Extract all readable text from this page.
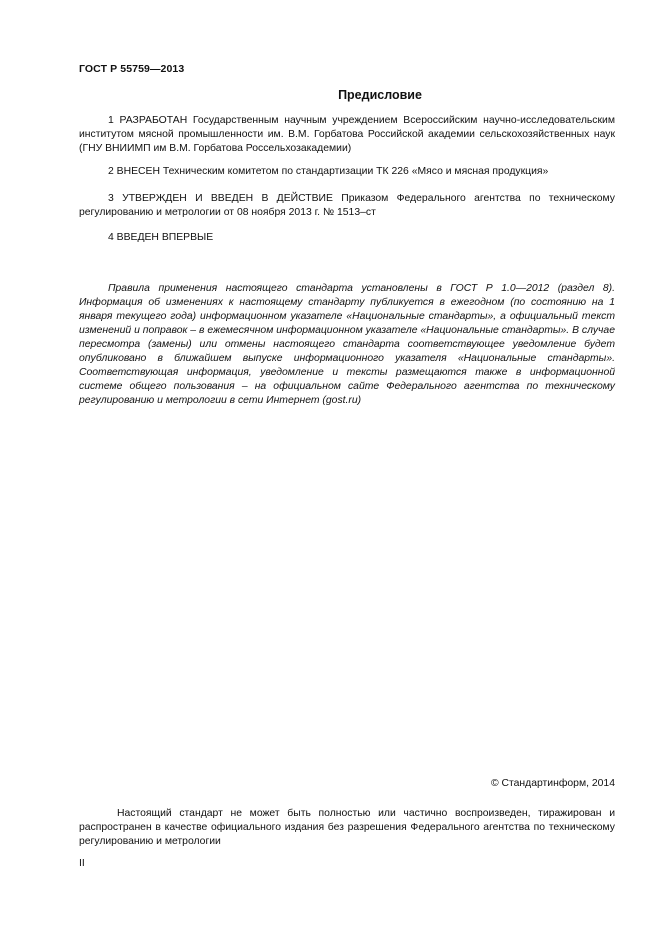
ГОСТ Р 55759—2013
Предисловие
1 РАЗРАБОТАН Государственным научным учреждением Всероссийским научно-исследовательским институтом мясной промышленности им. В.М. Горбатова Российской академии сельскохозяйственных наук (ГНУ ВНИИМП им В.М. Горбатова Россельхозакадемии)
2 ВНЕСЕН Техническим комитетом по стандартизации ТК 226 «Мясо и мясная продукция»
3 УТВЕРЖДЕН И ВВЕДЕН В ДЕЙСТВИЕ Приказом Федерального агентства по техническому регулированию и метрологии от 08 ноября 2013 г. № 1513–ст
4 ВВЕДЕН ВПЕРВЫЕ
Правила применения настоящего стандарта установлены в ГОСТ Р 1.0—2012 (раздел 8). Информация об изменениях к настоящему стандарту публикуется в ежегодном (по состоянию на 1 января текущего года) информационном указателе «Национальные стандарты», а официальный текст изменений и поправок – в ежемесячном информационном указателе «Национальные стандарты». В случае пересмотра (замены) или отмены настоящего стандарта соответствующее уведомление будет опубликовано в ближайшем выпуске информационного указателя «Национальные стандарты». Соответствующая информация, уведомление и тексты размещаются также в информационной системе общего пользования – на официальном сайте Федерального агентства по техническому регулированию и метрологии в сети Интернет (gost.ru)
© Стандартинформ, 2014
Настоящий стандарт не может быть полностью или частично воспроизведен, тиражирован и распространен в качестве официального издания без разрешения Федерального агентства по техническому регулированию и метрологии
II
